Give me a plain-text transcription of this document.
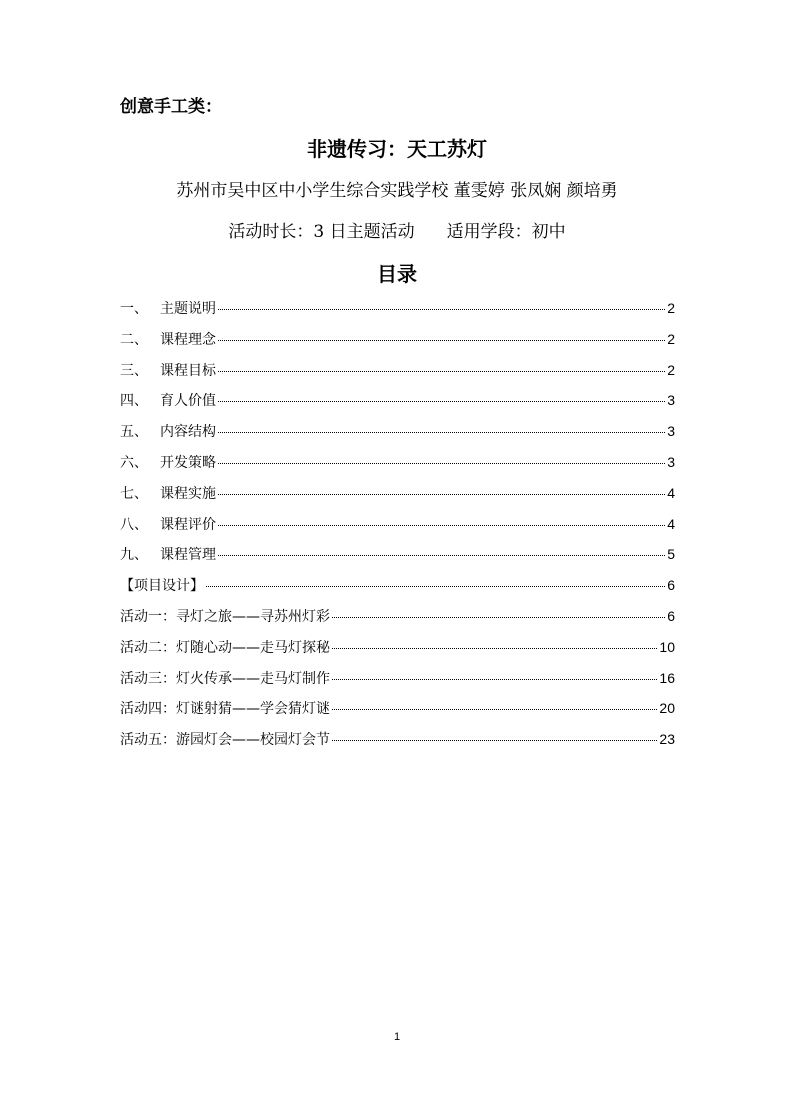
创意手工类：
非遗传习：天工苏灯
苏州市吴中区中小学生综合实践学校 董雯婷 张凤娴 颜培勇
活动时长：3 日主题活动 适用学段：初中
目录
一、 主题说明	2
二、 课程理念	2
三、 课程目标	2
四、 育人价值	3
五、 内容结构	3
六、 开发策略	3
七、 课程实施	4
八、 课程评价	4
九、 课程管理	5
【项目设计】	6
活动一：寻灯之旅——寻苏州灯彩	6
活动二：灯随心动——走马灯探秘	10
活动三：灯火传承——走马灯制作	16
活动四：灯谜射猜——学会猜灯谜	20
活动五：游园灯会——校园灯会节	23
1
